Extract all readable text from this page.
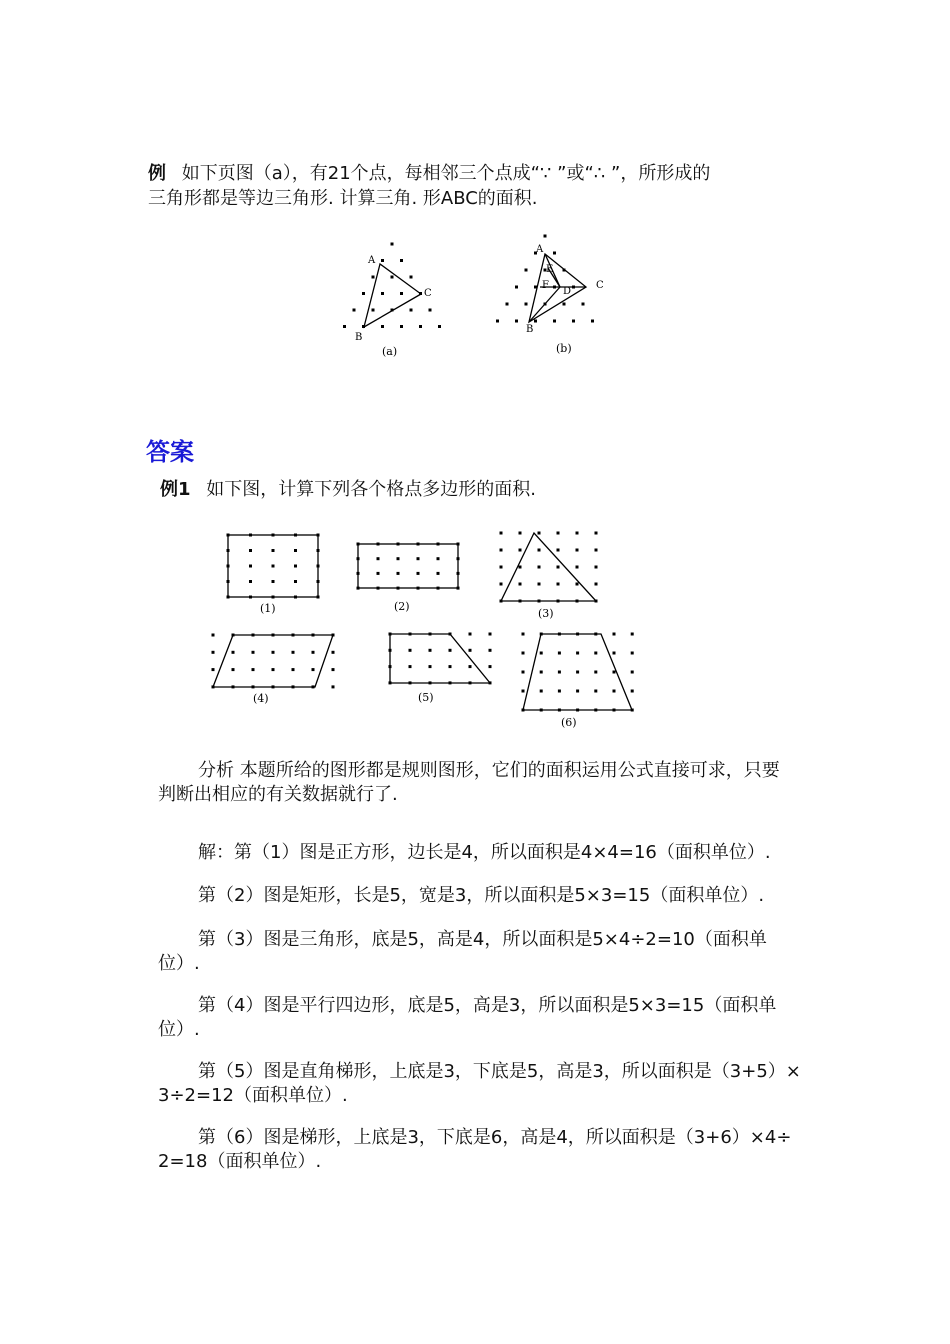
例 如下页图（a），有21个点，每相邻三个点成“∵ ”或“∴ ”，所形成的
三角形都是等边三角形. 计算三角. 形ABC的面积.
A
B
C
(a)
A
E
F
D
C
B
(b)
答案
例1 如下图，计算下列各个格点多边形的面积.
(1)	(2)
(3)
(4)	(5)
(6)
分析 本题所给的图形都是规则图形，它们的面积运用公式直接可求，只要
判断出相应的有关数据就行了.
解：第（1）图是正方形，边长是4，所以面积是4×4=16（面积单位）.
第（2）图是矩形，长是5，宽是3，所以面积是5×3=15（面积单位）.
第（3）图是三角形，底是5，高是4，所以面积是5×4÷2=10（面积单
位）.
第（4）图是平行四边形，底是5，高是3，所以面积是5×3=15（面积单
位）.
第（5）图是直角梯形，上底是3，下底是5，高是3，所以面积是（3+5）×
3÷2=12（面积单位）.
第（6）图是梯形，上底是3，下底是6，高是4，所以面积是（3+6）×4÷
2=18（面积单位）.
